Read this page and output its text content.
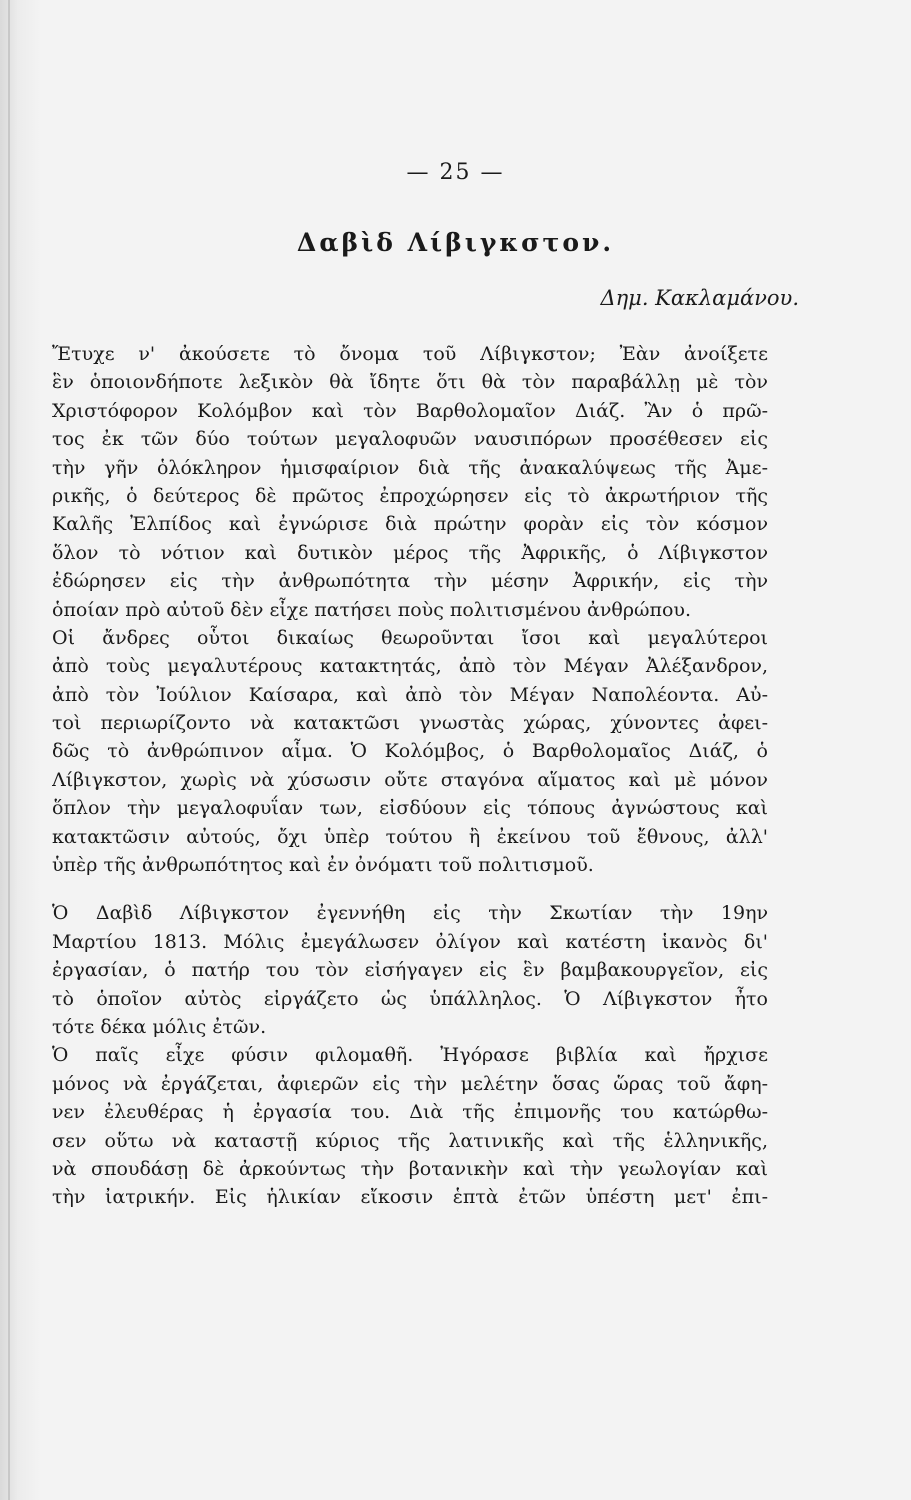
— 25 —
Δαβὶδ Λίβιγκστον.
Δημ. Κακλαμάνου.
Ἔτυχε ν' ἀκούσετε τὸ ὄνομα τοῦ Λίβιγκστον; Ἐὰν ἀνοίξετε
ἓν ὁποιονδήποτε λεξικὸν θὰ ἴδητε ὅτι θὰ τὸν παραβάλλῃ μὲ τὸν
Χριστόφορον Κολόμβον καὶ τὸν Βαρθολομαῖον Διάζ. Ἂν ὁ πρῶ-
τος ἐκ τῶν δύο τούτων μεγαλοφυῶν ναυσιπόρων προσέθεσεν εἰς
τὴν γῆν ὁλόκληρον ἡμισφαίριον διὰ τῆς ἀνακαλύψεως τῆς Ἀμε-
ρικῆς, ὁ δεύτερος δὲ πρῶτος ἐπροχώρησεν εἰς τὸ ἀκρωτήριον τῆς
Καλῆς Ἐλπίδος καὶ ἐγνώρισε διὰ πρώτην φορὰν εἰς τὸν κόσμον
ὅλον τὸ νότιον καὶ δυτικὸν μέρος τῆς Ἀφρικῆς, ὁ Λίβιγκστον
ἐδώρησεν εἰς τὴν ἀνθρωπότητα τὴν μέσην Ἀφρικήν, εἰς τὴν
ὁποίαν πρὸ αὐτοῦ δὲν εἶχε πατήσει ποὺς πολιτισμένου ἀνθρώπου.
Οἱ ἄνδρες οὗτοι δικαίως θεωροῦνται ἴσοι καὶ μεγαλύτεροι
ἀπὸ τοὺς μεγαλυτέρους κατακτητάς, ἀπὸ τὸν Μέγαν Ἀλέξανδρον,
ἀπὸ τὸν Ἰούλιον Καίσαρα, καὶ ἀπὸ τὸν Μέγαν Ναπολέοντα. Αὐ-
τοὶ περιωρίζοντο νὰ κατακτῶσι γνωστὰς χώρας, χύνοντες ἀφει-
δῶς τὸ ἀνθρώπινον αἷμα. Ὁ Κολόμβος, ὁ Βαρθολομαῖος Διάζ, ὁ
Λίβιγκστον, χωρὶς νὰ χύσωσιν οὔτε σταγόνα αἵματος καὶ μὲ μόνον
ὅπλον τὴν μεγαλοφυΐαν των, εἰσδύουν εἰς τόπους ἀγνώστους καὶ
κατακτῶσιν αὐτούς, ὄχι ὑπὲρ τούτου ἢ ἐκείνου τοῦ ἔθνους, ἀλλ'
ὑπὲρ τῆς ἀνθρωπότητος καὶ ἐν ὀνόματι τοῦ πολιτισμοῦ.
Ὁ Δαβὶδ Λίβιγκστον ἐγεννήθη εἰς τὴν Σκωτίαν τὴν 19ην
Μαρτίου 1813. Μόλις ἐμεγάλωσεν ὀλίγον καὶ κατέστη ἱκανὸς δι'
ἐργασίαν, ὁ πατήρ του τὸν εἰσήγαγεν εἰς ἓν βαμβακουργεῖον, εἰς
τὸ ὁποῖον αὐτὸς εἰργάζετο ὡς ὑπάλληλος. Ὁ Λίβιγκστον ἦτο
τότε δέκα μόλις ἐτῶν.
Ὁ παῖς εἶχε φύσιν φιλομαθῆ. Ἠγόρασε βιβλία καὶ ἤρχισε
μόνος νὰ ἐργάζεται, ἀφιερῶν εἰς τὴν μελέτην ὅσας ὥρας τοῦ ἄφη-
νεν ἐλευθέρας ἡ ἐργασία του. Διὰ τῆς ἐπιμονῆς του κατώρθω-
σεν οὕτω νὰ καταστῇ κύριος τῆς λατινικῆς καὶ τῆς ἑλληνικῆς,
νὰ σπουδάσῃ δὲ ἀρκούντως τὴν βοτανικὴν καὶ τὴν γεωλογίαν καὶ
τὴν ἰατρικήν. Εἰς ἡλικίαν εἴκοσιν ἑπτὰ ἐτῶν ὑπέστη μετ' ἐπι-
